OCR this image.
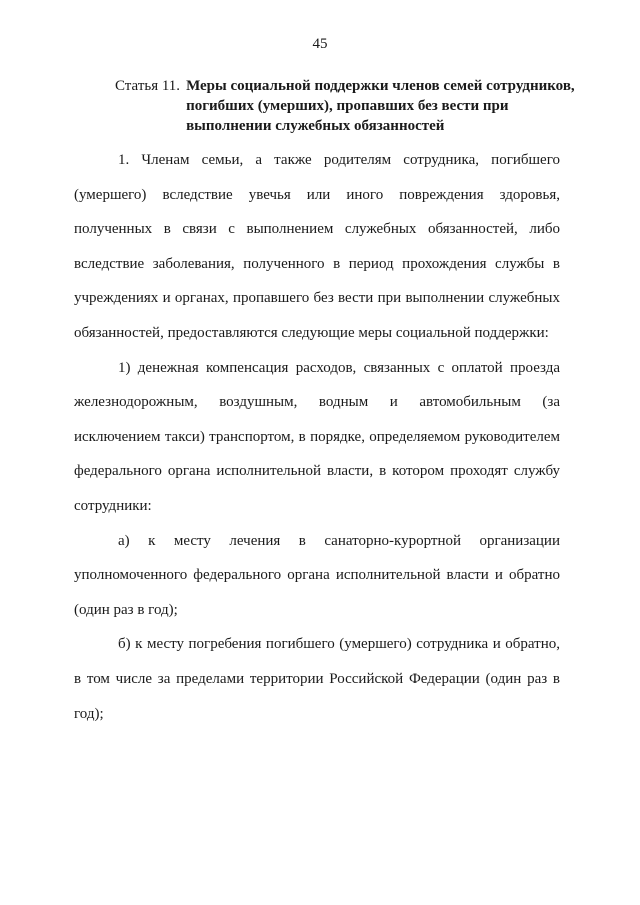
45
Статья 11. Меры социальной поддержки членов семей сотрудников, погибших (умерших), пропавших без вести при выполнении служебных обязанностей

1. Членам семьи, а также родителям сотрудника, погибшего (умершего) вследствие увечья или иного повреждения здоровья, полученных в связи с выполнением служебных обязанностей, либо вследствие заболевания, полученного в период прохождения службы в учреждениях и органах, пропавшего без вести при выполнении служебных обязанностей, предоставляются следующие меры социальной поддержки:

1) денежная компенсация расходов, связанных с оплатой проезда железнодорожным, воздушным, водным и автомобильным (за исключением такси) транспортом, в порядке, определяемом руководителем федерального органа исполнительной власти, в котором проходят службу сотрудники:

а) к месту лечения в санаторно-курортной организации уполномоченного федерального органа исполнительной власти и обратно (один раз в год);

б) к месту погребения погибшего (умершего) сотрудника и обратно, в том числе за пределами территории Российской Федерации (один раз в год);
